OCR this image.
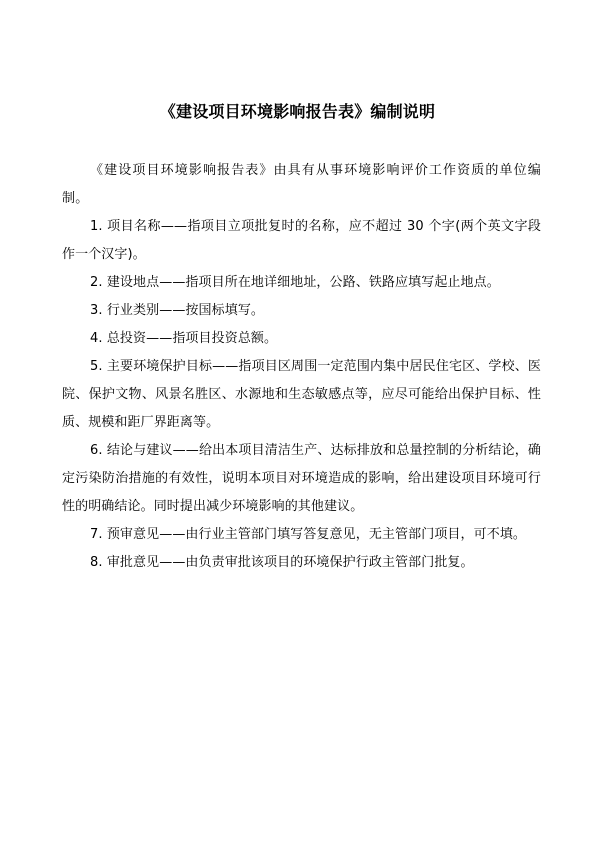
《建设项目环境影响报告表》编制说明

《建设项目环境影响报告表》由具有从事环境影响评价工作资质的单位编制。

1. 项目名称——指项目立项批复时的名称，应不超过 30 个字(两个英文字段作一个汉字)。

2. 建设地点——指项目所在地详细地址，公路、铁路应填写起止地点。

3. 行业类别——按国标填写。

4. 总投资——指项目投资总额。

5. 主要环境保护目标——指项目区周围一定范围内集中居民住宅区、学校、医院、保护文物、风景名胜区、水源地和生态敏感点等，应尽可能给出保护目标、性质、规模和距厂界距离等。

6. 结论与建议——给出本项目清洁生产、达标排放和总量控制的分析结论，确定污染防治措施的有效性，说明本项目对环境造成的影响，给出建设项目环境可行性的明确结论。同时提出减少环境影响的其他建议。

7. 预审意见——由行业主管部门填写答复意见，无主管部门项目，可不填。

8. 审批意见——由负责审批该项目的环境保护行政主管部门批复。
